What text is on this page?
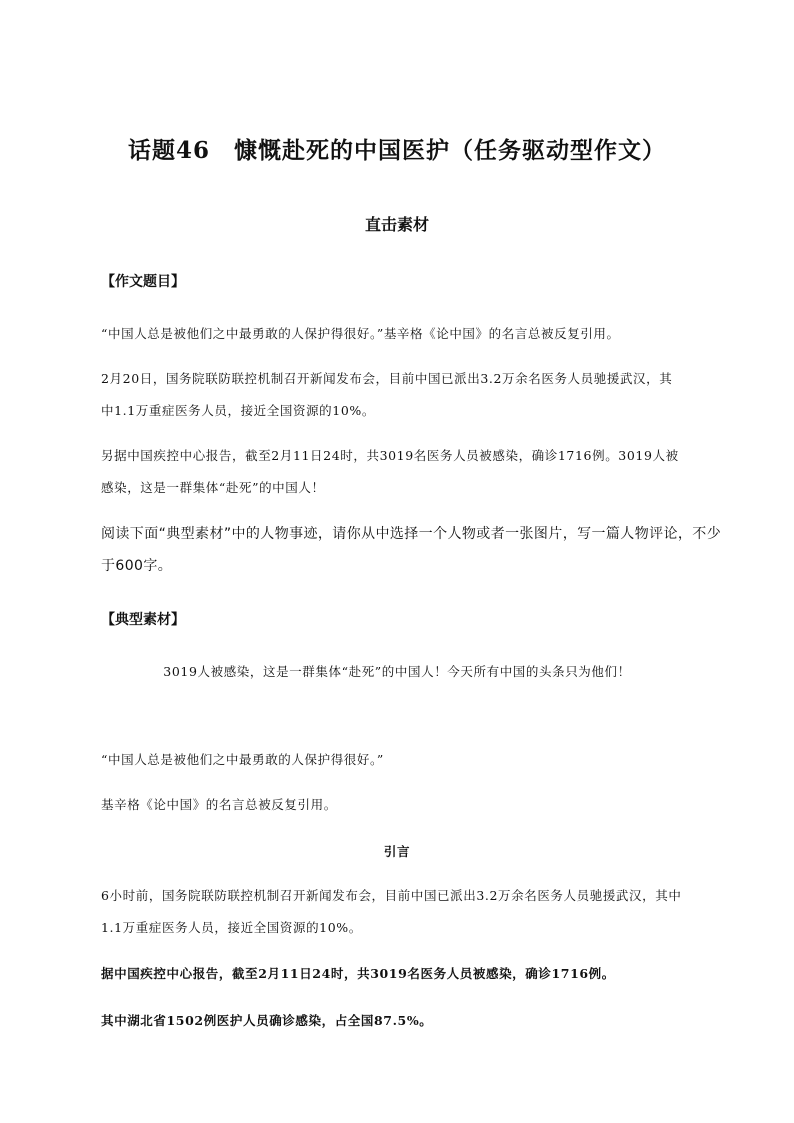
话题46　慷慨赴死的中国医护（任务驱动型作文）
直击素材
【作文题目】
“中国人总是被他们之中最勇敢的人保护得很好。”基辛格《论中国》的名言总被反复引用。
2月20日，国务院联防联控机制召开新闻发布会，目前中国已派出3.2万余名医务人员驰援武汉，其
中1.1万重症医务人员，接近全国资源的10%。
另据中国疾控中心报告，截至2月11日24时，共3019名医务人员被感染，确诊1716例。3019人被
感染，这是一群集体“赴死”的中国人！
阅读下面“典型素材”中的人物事迹，请你从中选择一个人物或者一张图片，写一篇人物评论，不少
于600字。
【典型素材】
3019人被感染，这是一群集体“赴死”的中国人！今天所有中国的头条只为他们！
“中国人总是被他们之中最勇敢的人保护得很好。”
基辛格《论中国》的名言总被反复引用。
引言
6小时前，国务院联防联控机制召开新闻发布会，目前中国已派出3.2万余名医务人员驰援武汉，其中
1.1万重症医务人员，接近全国资源的10%。
据中国疾控中心报告，截至2月11日24时，共3019名医务人员被感染，确诊1716例。
其中湖北省1502例医护人员确诊感染，占全国87.5%。
